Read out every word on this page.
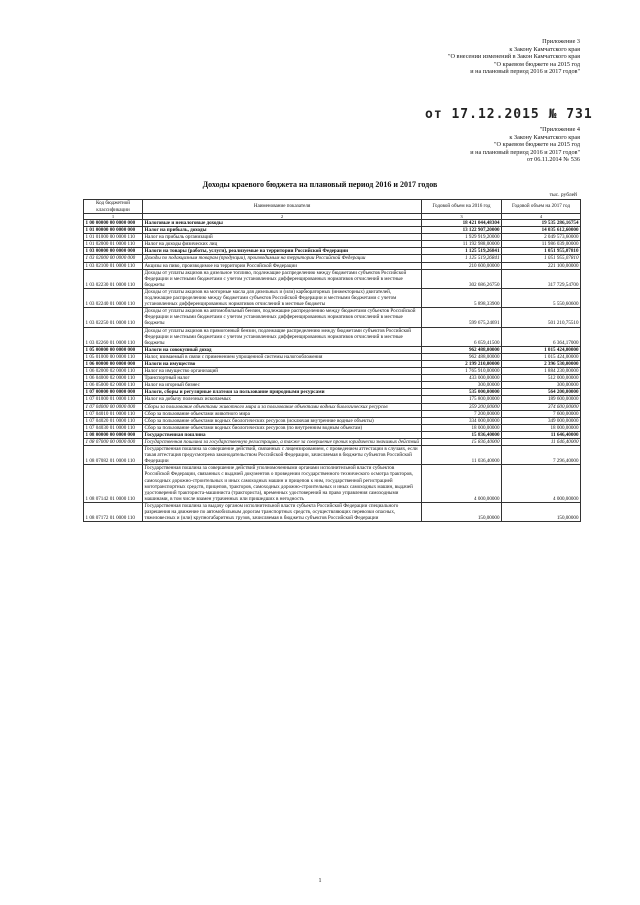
Приложение 3
к Закону Камчатского края
"О внесении изменений в Закон Камчатского края
"О краевом бюджете на 2015 год
и на плановый период 2016 и 2017 годов"
от 17.12.2015 № 731
"Приложение 4
к Закону Камчатского края
"О краевом бюджете на 2015 год
и на плановый период 2016 и 2017 годов"
от 06.11.2014 № 536
Доходы краевого бюджета на плановый период 2016 и 2017 годов
тыс. рублей
Код бюджетной классификации	Наименование показателя	Годовой объем на 2016 год	Годовой объем на 2017 год
1	2	3	4
1 00 00000 00 0000 000	Налоговые и неналоговые доходы	18 421 044,48304	19 535 286,16754
1 01 00000 00 0000 000	Налог на прибыль, доходы	13 122 907,20000	14 035 612,60000
1 01 01000 00 0000 110	Налог на прибыль организаций	1 929 919,20000	2 049 573,60000
1 01 02000 01 0000 110	Налог на доходы физических лиц	11 192 988,00000	11 986 039,00000
1 03 00000 00 0000 000	Налоги на товары (работы, услуги), реализуемые на территории Российской Федерации	1 125 519,26841	1 051 955,07810
1 03 02000 00 0000 000	Доходы по подакцизным товарам (продукции), производимым на территории Российской Федерации	1 125 519,26841	1 051 955,07810
1 03 02100 01 0000 110	Акцизы на пиво, производимое на территории Российской Федерации	210 600,00000	221 100,00000
1 03 02230 01 0000 110	Доходы от уплаты акцизов на дизельное топливо, подлежащие распределению между бюджетами субъектов Российской Федерации и местными бюджетами с учетом установленных дифференцированных нормативов отчислений в местные бюджеты	302 686,26750	317 729,54700
1 03 02240 01 0000 110	Доходы от уплаты акцизов на моторные масла для дизельных и (или) карбюраторных (инжекторных) двигателей, подлежащие распределению между бюджетами субъектов Российской Федерации и местными бюджетами с учетом установленных дифференцированных нормативов отчислений в местные бюджеты	5 898,33900	5 550,60600
1 03 02250 01 0000 110	Доходы от уплаты акцизов на автомобильный бензин, подлежащие распределению между бюджетами субъектов Российской Федерации и местными бюджетами с учетом установленных дифференцированных нормативов отчислений в местные бюджеты	599 675,24691	501 210,75510
1 03 02260 01 0000 110	Доходы от уплаты акцизов на прямогонный бензин, подлежащие распределению между бюджетами субъектов Российской Федерации и местными бюджетами с учетом установленных дифференцированных нормативов отчислений в местные бюджеты	6 659,41500	6 364,17000
1 05 00000 00 0000 000	Налоги на совокупный доход	962 488,00000	1 015 424,00000
1 05 01000 00 0000 110	Налог, взимаемый в связи с применением упрощенной системы налогообложения	962 488,00000	1 015 424,00000
1 06 00000 00 0000 000	Налоги на имущество	2 199 210,00000	2 396 530,00000
1 06 02000 02 0000 110	Налог на имущество организаций	1 765 910,00000	1 884 230,00000
1 06 04000 02 0000 110	Транспортный налог	433 000,00000	512 000,00000
1 06 05000 02 0000 110	Налог на игорный бизнес	300,00000	300,00000
1 07 00000 00 0000 000	Налоги, сборы и регулярные платежи за пользование природными ресурсами	535 000,00000	564 200,00000
1 07 01000 01 0000 110	Налог на добычу полезных ископаемых	175 800,00000	189 600,00000
1 07 04000 00 0000 000	Сборы за пользование объектами животного мира и за пользование объектами водных биологических ресурсов	359 200,00000	374 600,00000
1 07 04010 01 0000 110	Сбор за пользование объектами животного мира	7 200,00000	7 600,00000
1 07 04020 01 0000 110	Сбор за пользование объектами водных биологических ресурсов (исключая внутренние водные объекты)	334 000,00000	349 000,00000
1 07 04030 01 0000 110	Сбор за пользование объектами водных биологических ресурсов (по внутренним водным объектам)	18 000,00000	18 000,00000
1 08 00000 00 0000 000	Государственная пошлина	15 836,40000	11 646,40000
1 08 07000 00 0000 000	Государственная пошлина за государственную регистрацию, а также за совершение прочих юридически значимых действий	15 836,40000	11 646,40000
1 08 07082 01 0000 110	Государственная пошлина за совершение действий, связанных с лицензированием, с проведением аттестации в случаях, если такая аттестация предусмотрена законодательством Российской Федерации, зачисляемая в бюджеты субъектов Российской Федерации	11 036,40000	7 296,40000
1 08 07142 01 0000 110	Государственная пошлина за совершение действий уполномоченными органами исполнительной власти субъектов Российской Федерации, связанных с выдачей документов о проведении государственного технического осмотра тракторов, самоходных дорожно-строительных и иных самоходных машин и прицепов к ним, государственной регистрацией мототранспортных средств, прицепов, тракторов, самоходных дорожно-строительных и иных самоходных машин, выдачей удостоверений тракториста-машиниста (тракториста), временных удостоверений на право управления самоходными машинами, в том числе взамен утраченных или пришедших в негодность	4 000,00000	4 000,00000
1 08 07172 01 0000 110	Государственная пошлина за выдачу органом исполнительной власти субъекта Российской Федерации специального разрешения на движение по автомобильным дорогам транспортных средств, осуществляющих перевозки опасных, тяжеловесных и (или) крупногабаритных грузов, зачисляемая в бюджеты субъектов Российской Федерации	150,00000	150,00000
1
